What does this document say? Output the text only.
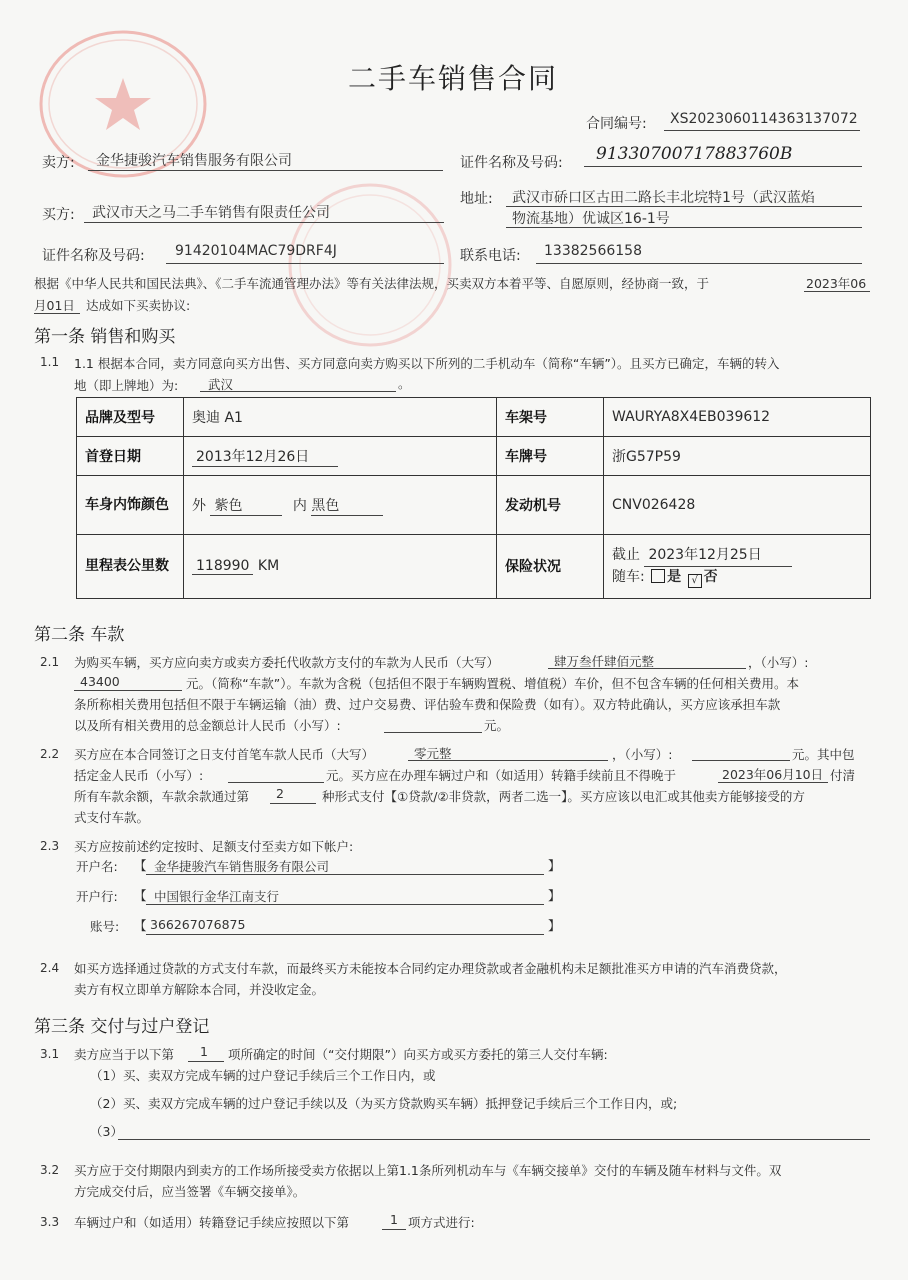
二手车销售合同
合同编号: XS2023060114363137072
卖方: 金华捷骏汽车销售服务有限公司	证件名称及号码: 91330700717883760B
买方: 武汉市天之马二手车销售有限责任公司
地址: 武汉市硚口区古田二路长丰北垸特1号（武汉蓝焰
物流基地）优诚区16-1号
证件名称及号码: 91420104MAC79DRF4J	联系电话: 13382566158
根据《中华人民共和国民法典》、《二手车流通管理办法》等有关法律法规，买卖双方本着平等、自愿原则，经协商一致，于	2023年06
月01日 达成如下买卖协议:
第一条 销售和购买
1.1 1.1 根据本合同，卖方同意向买方出售、买方同意向卖方购买以下所列的二手机动车（简称“车辆”）。且买方已确定，车辆的转入
地（即上牌地）为: 武汉	。
品牌及型号	奥迪 A1	车架号	WAURYA8X4EB039612
首登日期	2013年12月26日	车牌号	浙G57P59
车身内饰颜色	外 紫色 内 黑色	发动机号	CNV026428
里程表公里数	118990 KM	保险状况	截止 2023年12月25日
随车: 是 √ 否
第二条 车款
2.1 为购买车辆，买方应向卖方或卖方委托代收款方支付的车款为人民币（大写）	肆万叁仟肆佰元整	，（小写）:
43400	元。（简称“车款”）。车款为含税（包括但不限于车辆购置税、增值税）车价，但不包含车辆的任何相关费用。本
条所称相关费用包括但不限于车辆运输（油）费、过户交易费、评估验车费和保险费（如有）。双方特此确认，买方应该承担车款
以及所有相关费用的总金额总计人民币（小写）:	元。
2.2 买方应在本合同签订之日支付首笔车款人民币（大写）	零元整	，（小写）:	元。其中包
括定金人民币（小写）:	元。买方应在办理车辆过户和（如适用）转籍手续前且不得晚于	2023年06月10日 付清
所有车款余额，车款余款通过第 2	种形式支付【①贷款/②非贷款，两者二选一】。买方应该以电汇或其他卖方能够接受的方
式支付车款。
2.3 买方应按前述约定按时、足额支付至卖方如下帐户:
开户名: 【 金华捷骏汽车销售服务有限公司	】
开户行: 【 中国银行金华江南支行	】
账号: 【 366267076875	】
2.4 如买方选择通过贷款的方式支付车款，而最终买方未能按本合同约定办理贷款或者金融机构未足额批准买方申请的汽车消费贷款，
卖方有权立即单方解除本合同，并没收定金。
第三条 交付与过户登记
3.1 卖方应当于以下第 1 项所确定的时间（“交付期限”）向买方或买方委托的第三人交付车辆:
（1）买、卖双方完成车辆的过户登记手续后三个工作日内，或
（2）买、卖双方完成车辆的过户登记手续以及（为买方贷款购买车辆）抵押登记手续后三个工作日内，或;
（3）
3.2 买方应于交付期限内到卖方的工作场所接受卖方依据以上第1.1条所列机动车与《车辆交接单》交付的车辆及随车材料与文件。双
方完成交付后，应当签署《车辆交接单》。
3.3 车辆过户和（如适用）转籍登记手续应按照以下第	1 项方式进行:
